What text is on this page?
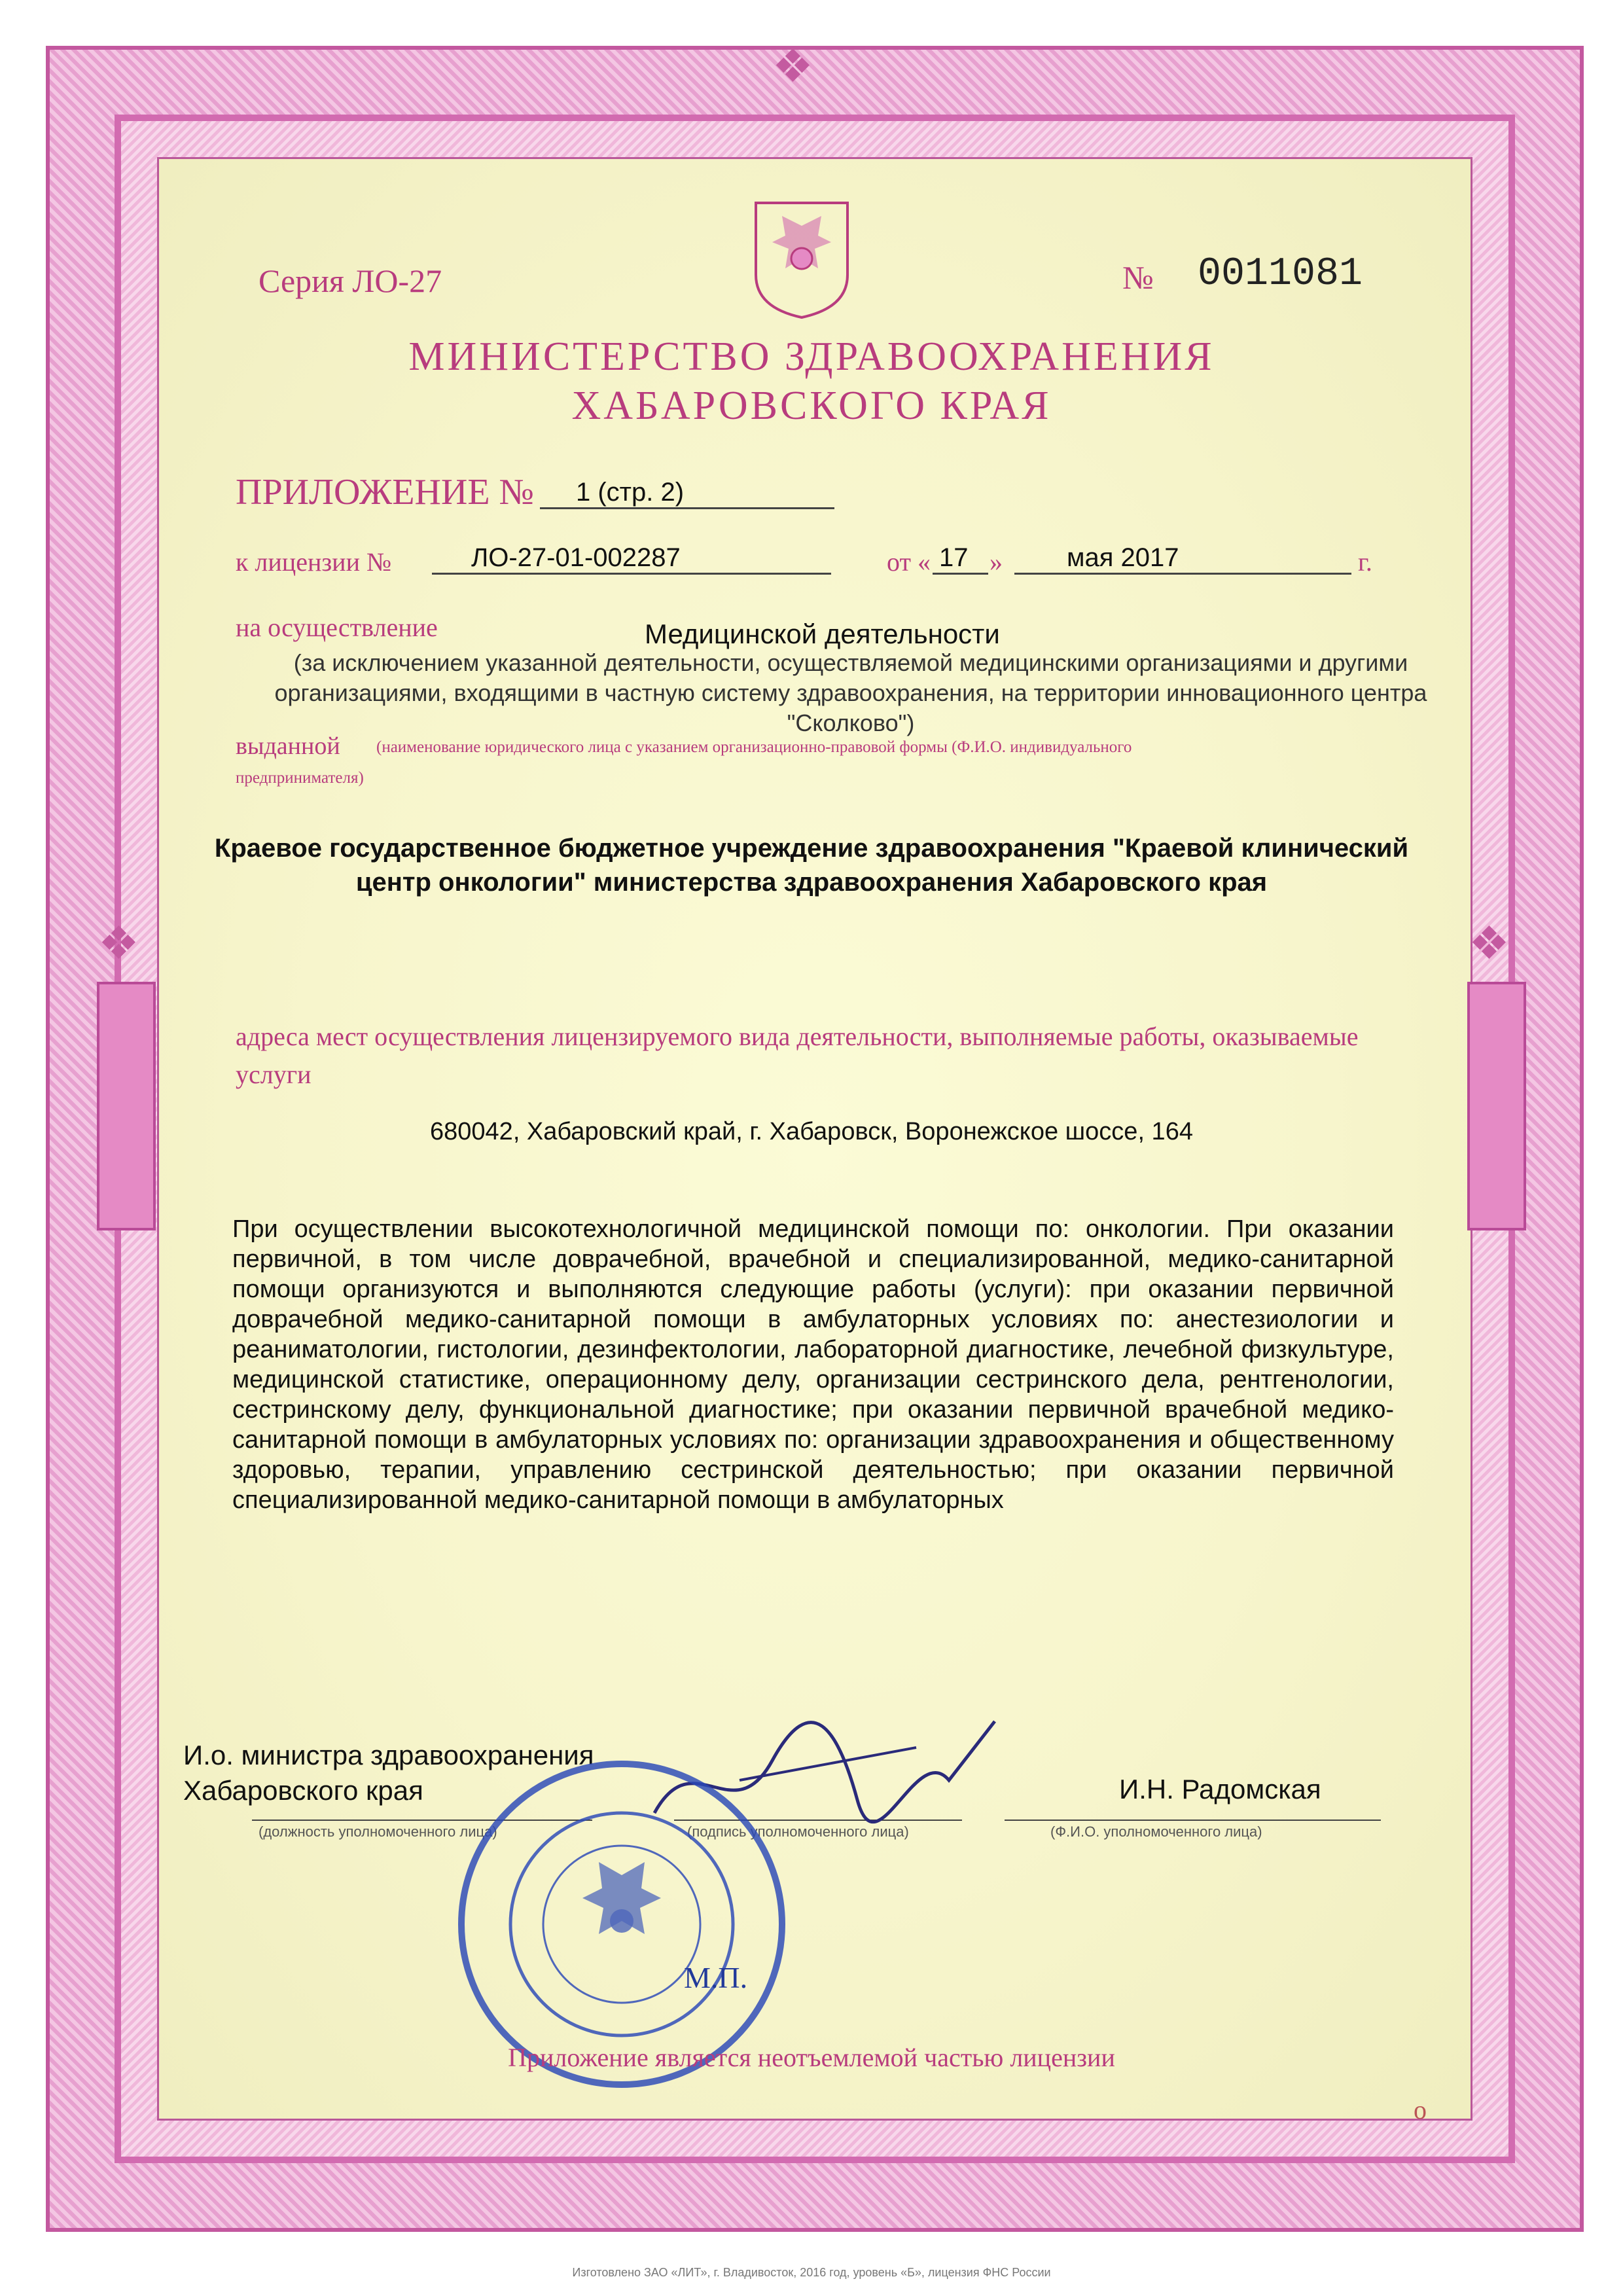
❖	❖
❖
Серия ЛО-27	№ 0011081
МИНИСТЕРСТВО ЗДРАВООХРАНЕНИЯ
ХАБАРОВСКОГО КРАЯ
ПРИЛОЖЕНИЕ № 1 (стр. 2)
к лицензии №	ЛО-27-01-002287	от « 17 » мая 2017	г.
на осуществление	Медицинской деятельности
(за исключением указанной деятельности, осуществляемой медицинскими организациями и другими организациями, входящими в частную систему здравоохранения, на территории инновационного центра "Сколково")
выданной (наименование юридического лица с указанием организационно-правовой формы (Ф.И.О. индивидуального
предпринимателя)
Краевое государственное бюджетное учреждение здравоохранения "Краевой клинический центр онкологии" министерства здравоохранения Хабаровского края
адреса мест осуществления лицензируемого вида деятельности, выполняемые работы, оказываемые услуги
680042, Хабаровский край, г. Хабаровск, Воронежское шоссе, 164
При осуществлении высокотехнологичной медицинской помощи по: онкологии. При оказании первичной, в том числе доврачебной, врачебной и специализированной, медико-санитарной помощи организуются и выполняются следующие работы (услуги): при оказании первичной доврачебной медико-санитарной помощи в амбулаторных условиях по: анестезиологии и реаниматологии, гистологии, дезинфектологии, лабораторной диагностике, лечебной физкультуре, медицинской статистике, операционному делу, организации сестринского дела, рентгенологии, сестринскому делу, функциональной диагностике; при оказании первичной врачебной медико-санитарной помощи в амбулаторных условиях по: организации здравоохранения и общественному здоровью, терапии, управлению сестринской деятельностью; при оказании первичной специализированной медико-санитарной помощи в амбулаторных
И.о. министра здравоохранения
Хабаровского края	И.Н. Радомская
(должность уполномоченного лица)	(подпись уполномоченного лица)	(Ф.И.О. уполномоченного лица)
М.П.
Приложение является неотъемлемой частью лицензии
о
Изготовлено ЗАО «ЛИТ», г. Владивосток, 2016 год, уровень «Б», лицензия ФНС России
